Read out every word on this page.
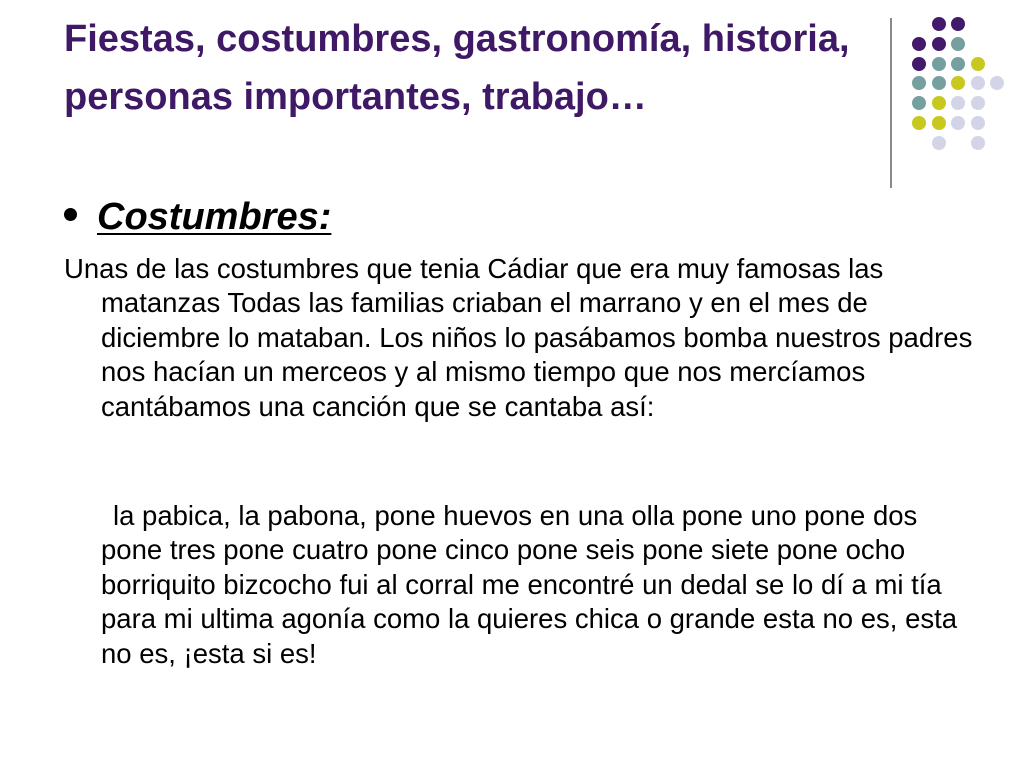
Fiestas, costumbres, gastronomía, historia, personas importantes, trabajo…
Costumbres:

Unas de las costumbres que tenia Cádiar que era muy famosas las matanzas Todas las familias criaban el marrano y en el mes de diciembre lo mataban. Los niños lo pasábamos bomba nuestros padres nos hacían un merceos y al mismo tiempo que nos mercíamos cantábamos una canción que se cantaba así:

la pabica, la pabona, pone huevos en una olla pone uno pone dos pone tres pone cuatro pone cinco pone seis pone siete pone ocho borriquito bizcocho fui al corral me encontré un dedal se lo dí a mi tía para mi ultima agonía como la quieres chica o grande esta no es, esta no es, ¡esta si es!
